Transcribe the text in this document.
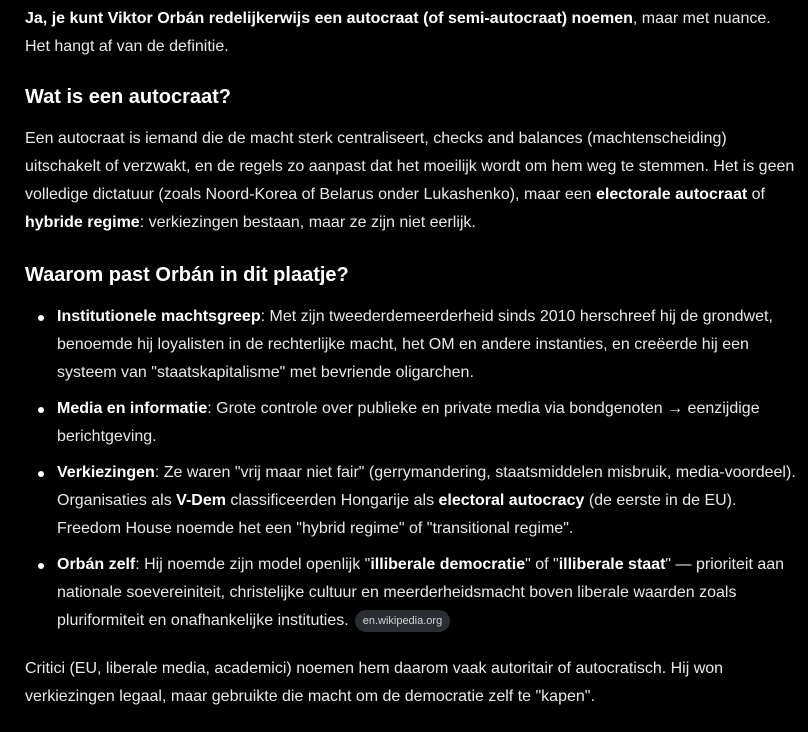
Ja, je kunt Viktor Orbán redelijkerwijs een autocraat (of semi-autocraat) noemen, maar met nuance. Het hangt af van de definitie.

Wat is een autocraat?

Een autocraat is iemand die de macht sterk centraliseert, checks and balances (machtenscheiding) uitschakelt of verzwakt, en de regels zo aanpast dat het moeilijk wordt om hem weg te stemmen. Het is geen volledige dictatuur (zoals Noord-Korea of Belarus onder Lukashenko), maar een electorale autocraat of hybride regime: verkiezingen bestaan, maar ze zijn niet eerlijk.

Waarom past Orbán in dit plaatje?
Institutionele machtsgreep: Met zijn tweederdemeerderheid sinds 2010 herschreef hij de grondwet, benoemde hij loyalisten in de rechterlijke macht, het OM en andere instanties, en creëerde hij een systeem van "staatskapitalisme" met bevriende oligarchen.
Media en informatie: Grote controle over publieke en private media via bondgenoten → eenzijdige berichtgeving.
Verkiezingen: Ze waren "vrij maar niet fair" (gerrymandering, staatsmiddelen misbruik, media-voordeel). Organisaties als V-Dem classificeerden Hongarije als electoral autocracy (de eerste in de EU). Freedom House noemde het een "hybrid regime" of "transitional regime".
Orbán zelf: Hij noemde zijn model openlijk "illiberale democratie" of "illiberale staat" — prioriteit aan nationale soevereiniteit, christelijke cultuur en meerderheidsmacht boven liberale waarden zoals pluriformiteit en onafhankelijke instituties. en.wikipedia.org

Critici (EU, liberale media, academici) noemen hem daarom vaak autoritair of autocratisch. Hij won verkiezingen legaal, maar gebruikte die macht om de democratie zelf te "kapen".
